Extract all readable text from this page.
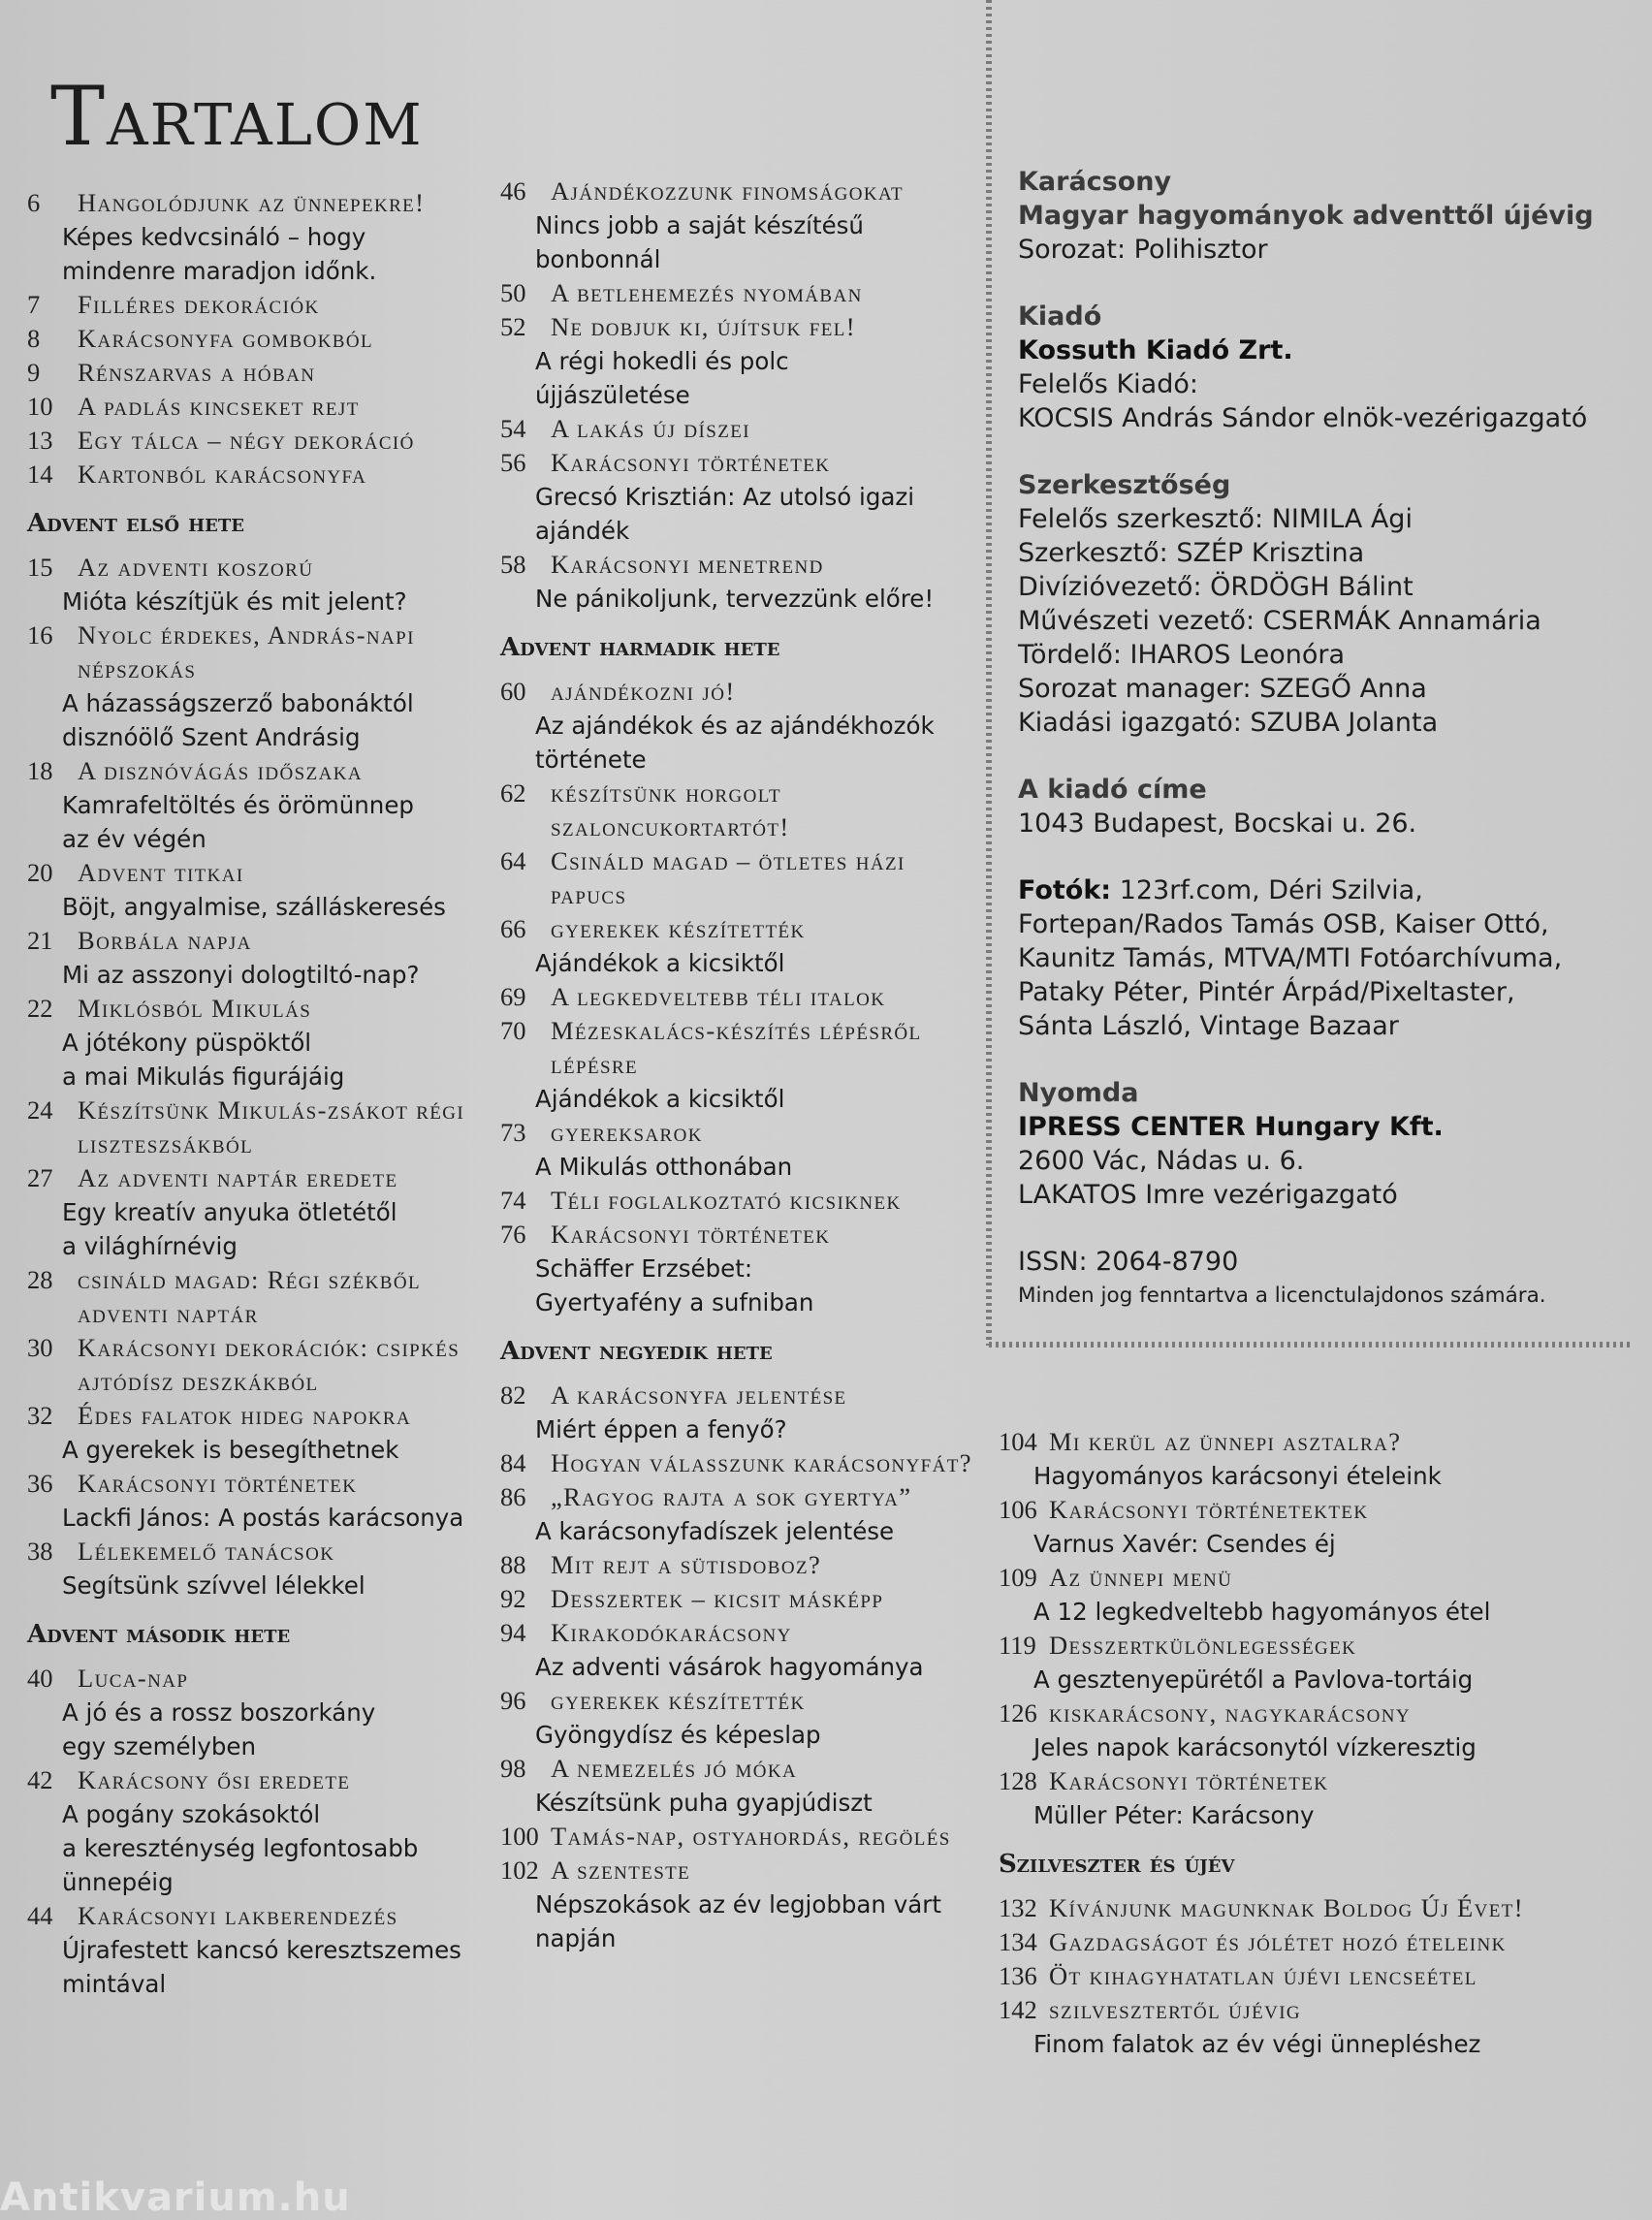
Tartalom
6 Hangolódjunk az ünnepekre!
Képes kedvcsináló – hogy
mindenre maradjon időnk.
7 Filléres dekorációk
8 Karácsonyfa gombokból
9 Rénszarvas a hóban
10 A padlás kincseket rejt
13 Egy tálca – négy dekoráció
14 Kartonból karácsonyfa
Advent első hete
15 Az adventi koszorú
Mióta készítjük és mit jelent?
16 Nyolc érdekes, András-napi népszokás
A házasságszerző babonáktól
disznóölő Szent Andrásig
18 A disznóvágás időszaka
Kamrafeltöltés és örömünnep
az év végén
20 Advent titkai
Böjt, angyalmise, szálláskeresés
21 Borbála napja
Mi az asszonyi dologtiltó-nap?
22 Miklósból Mikulás
A jótékony püspöktől
a mai Mikulás figurájáig
24 Készítsünk Mikulás-zsákot régi liszteszsákból
27 Az adventi naptár eredete
Egy kreatív anyuka ötletétől
a világhírnévig
28 csináld magad: Régi székből adventi naptár
30 Karácsonyi dekorációk: csipkés ajtódísz deszkákból
32 Édes falatok hideg napokra
A gyerekek is besegíthetnek
36 Karácsonyi történetek
Lackfi János: A postás karácsonya
38 Lélekemelő tanácsok
Segítsünk szívvel lélekkel
Advent második hete
40 Luca-nap
A jó és a rossz boszorkány
egy személyben
42 Karácsony ősi eredete
A pogány szokásoktól
a kereszténység legfontosabb
ünnepéig
44 Karácsonyi lakberendezés
Újrafestett kancsó keresztszemes
mintával
46 Ajándékozzunk finomságokat
Nincs jobb a saját készítésű
bonbonnál
50 A betlehemezés nyomában
52 Ne dobjuk ki, újítsuk fel!
A régi hokedli és polc
újjászületése
54 A lakás új díszei
56 Karácsonyi történetek
Grecsó Krisztián: Az utolsó igazi
ajándék
58 Karácsonyi menetrend
Ne pánikoljunk, tervezzünk előre!
Advent harmadik hete
60 ajándékozni jó!
Az ajándékok és az ajándékhozók
története
62 készítsünk horgolt szaloncukortartót!
64 Csináld magad – ötletes házi papucs
66 gyerekek készítették
Ajándékok a kicsiktől
69 A legkedveltebb téli italok
70 Mézeskalács-készítés lépésről lépésre
Ajándékok a kicsiktől
73 gyereksarok
A Mikulás otthonában
74 Téli foglalkoztató kicsiknek
76 Karácsonyi történetek
Schäffer Erzsébet:
Gyertyafény a sufniban
Advent negyedik hete
82 A karácsonyfa jelentése
Miért éppen a fenyő?
84 Hogyan válasszunk karácsonyfát?
86 „Ragyog rajta a sok gyertya”
A karácsonyfadíszek jelentése
88 Mit rejt a sütisdoboz?
92 Desszertek – kicsit másképp
94 Kirakodókarácsony
Az adventi vásárok hagyománya
96 gyerekek készítették
Gyöngydísz és képeslap
98 A nemezelés jó móka
Készítsünk puha gyapjúdiszt
100 Tamás-nap, ostyahordás, regölés
102 A szenteste
Népszokások az év legjobban várt
napján
104 Mi kerül az ünnepi asztalra?
Hagyományos karácsonyi ételeink
106 Karácsonyi történetektek
Varnus Xavér: Csendes éj
109 Az ünnepi menü
A 12 legkedveltebb hagyományos étel
119 Desszertkülönlegességek
A gesztenyepürétől a Pavlova-tortáig
126 kiskarácsony, nagykarácsony
Jeles napok karácsonytól vízkeresztig
128 Karácsonyi történetek
Müller Péter: Karácsony
Szilveszter és újév
132 Kívánjunk magunknak Boldog Új Évet!
134 Gazdagságot és jólétet hozó ételeink
136 Öt kihagyhatatlan újévi lencseétel
142 szilvesztertől újévig
Finom falatok az év végi ünnepléshez
Karácsony
Magyar hagyományok adventtől újévig
Sorozat: Polihisztor
Kiadó
Kossuth Kiadó Zrt.
Felelős Kiadó:
KOCSIS András Sándor elnök-vezérigazgató
Szerkesztőség
Felelős szerkesztő: NIMILA Ági
Szerkesztő: SZÉP Krisztina
Divízióvezető: ÖRDÖGH Bálint
Művészeti vezető: CSERMÁK Annamária
Tördelő: IHAROS Leonóra
Sorozat manager: SZEGŐ Anna
Kiadási igazgató: SZUBA Jolanta
A kiadó címe
1043 Budapest, Bocskai u. 26.
Fotók: 123rf.com, Déri Szilvia,
Fortepan/Rados Tamás OSB, Kaiser Ottó,
Kaunitz Tamás, MTVA/MTI Fotóarchívuma,
Pataky Péter, Pintér Árpád/Pixeltaster,
Sánta László, Vintage Bazaar
Nyomda
IPRESS CENTER Hungary Kft.
2600 Vác, Nádas u. 6.
LAKATOS Imre vezérigazgató
ISSN: 2064-8790
Minden jog fenntartva a licenctulajdonos számára.
Antikvarium.hu
